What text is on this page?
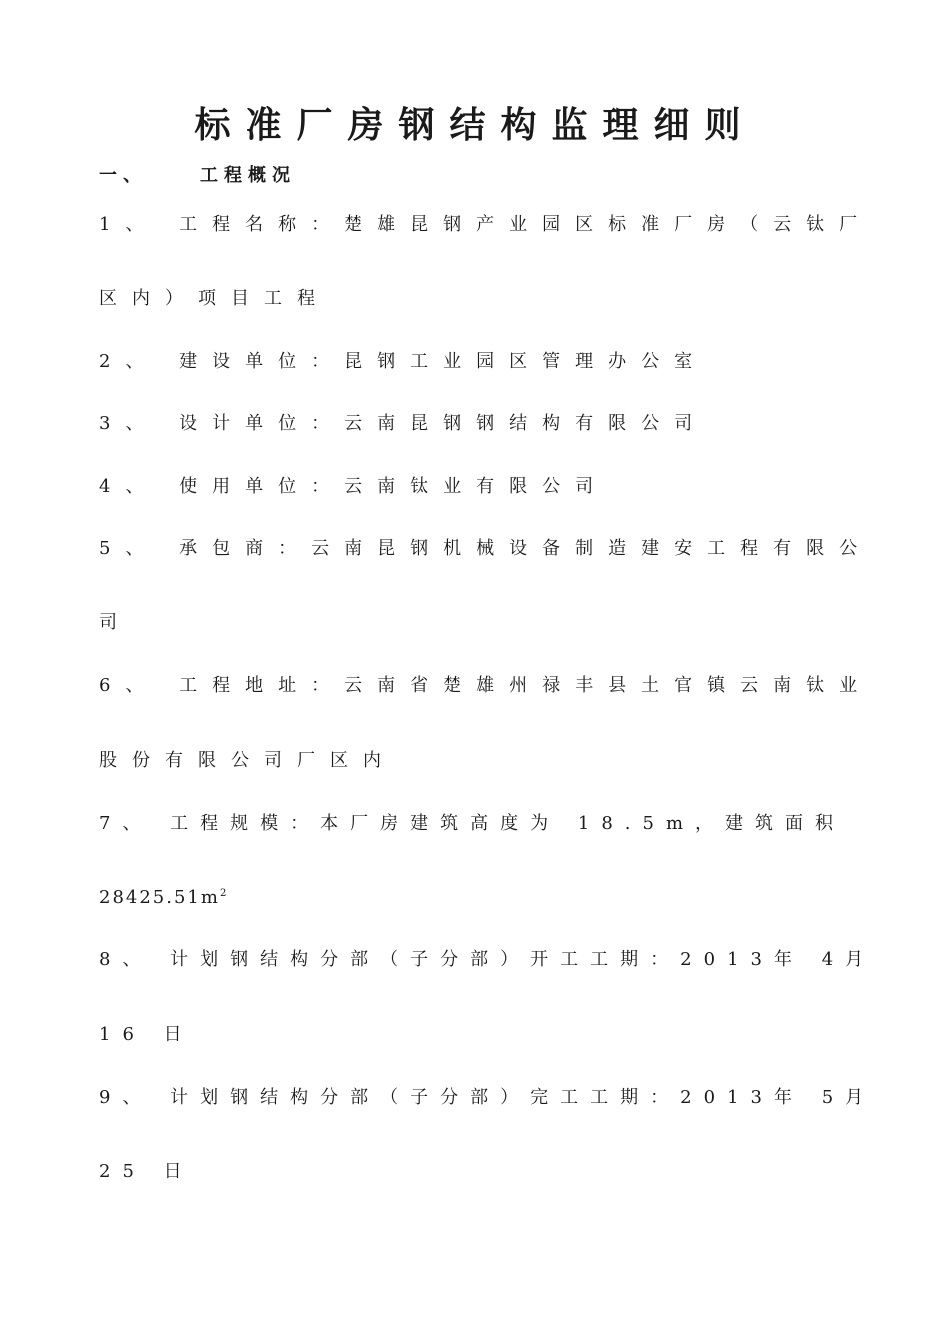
标准厂房钢结构监理细则
一、	工程概况
1、 工程名称：楚雄昆钢产业园区标准厂房（云钛厂
区内）项目工程
2、 建设单位：昆钢工业园区管理办公室
3、 设计单位：云南昆钢钢结构有限公司
4、 使用单位：云南钛业有限公司
5、 承包商：云南昆钢机械设备制造建安工程有限公
司
6、 工程地址：云南省楚雄州禄丰县土官镇云南钛业
股份有限公司厂区内
7、 工程规模：本厂房建筑高度为 18.5m，建筑面积
$28425.51m^2$
8、 计划钢结构分部（子分部）开工工期：2013年 4月
16 日
9、 计划钢结构分部（子分部）完工工期：2013年 5月
25 日
